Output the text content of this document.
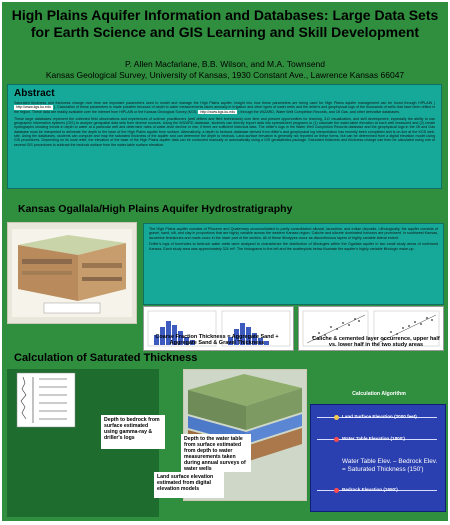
High Plains Aquifer Information and Databases: Large Data Sets for Earth Science and GIS Learning and Skill Development
P. Allen Macfarlane, B.B. Wilson, and M.A. Townsend
Kansas Geological Survey, University of Kansas, 1930 Constant Ave., Lawrence Kansas 66047
Abstract

Saturated thickness and thickness change over time are important parameters used to model and manage the High Plains aquifer. Insight into how these parameters are being used for High Plains aquifer management can be found through HIPLAIN ( http://www.kgs.ku.edu ). Calculation of these parameters is made possible because of depth to water measurements taken annually in irrigation and other types of water wells and the driller's and geophysical logs of the thousands of wells that have been drilled in the region. These data are readily available over the Internet from HIPLAIN or the Kansas Geological Survey (KGS, http://www.kgs.ku.edu ) through the WIZARD, Water Well Completion Records, and Oil Gas, and other derivative databases.

These large databases represent the collected field observations and experiences of science practitioners (well drillers and field technicians) over time and present opportunities for learning, 3-D visualization, and skill development, especially the ability to use geographic information systems (GIS) to analyze geospatial data sets from diverse sources. Using the WIZARD database, students can directly import data into spreadsheet programs to (1) calculate the water-table elevation at each well measured and (2) create hydrographs showing trends in depth to water at a particular well and determine rates of water-level decline or rise, if there are sufficient historical data. The driller's logs in the Water Well Completion Records database and the geophysical logs in the Oil and Gas database must be interpreted to delineate the depth to the base of the High Plains aquifer from surface. Alternatively, a depth to bedrock database derived from driller's and geophysical log interpretation has recently been completed and is on-line at the KGS web-site. Using the databases, students can compute and map the saturated thickness of the aquifer and can determine the depth to bedrock. Land-surface elevation is generally not reported on these forms, but can be determined from a digital elevation model using GIS procedures. Depending on its local relief, the elevation of the base of the High Plains aquifer data can be contoured manually or automatically using a GIS geostatistics package. Saturated thickness and thickness change can then be calculated using one of several GIS procedures to subtract the bedrock surface from the water-table surface elevation.

Kansas Ogallala/High Plains Aquifer Hydrostratigraphy

The High Plains aquifer consists of Pliocene and Quaternary unconsolidated to partly consolidated alluvial, lacustrine, and eolian deposits. Lithologically, the aquifer consists of gravel, sand, silt, and clay in proportions that are highly variable across the western Kansas region. Caliche and silcrete dominated horizons are prominent. In southwest Kansas, lacustrine limestones and marls occur in the lower part of the section. All of these lithotypes occur as discontinuous layers of highly variable lateral extent.

Driller's logs of boreholes to bedrock water wells were analyzed to characterize the distribution of lithologies within the Ogallala aquifer in two small study areas of northwest Kansas. Each study area was approximately 324 mi². The histograms to the left and the scatterplots below illustrate the aquifer's highly variable lithologic make-up.

Coarse Fraction Thickness = Aggregate Sand + Aggregate Sand & Gravel Thickness
Caliche & cemented layer occurrence, upper half vs. lower half in the two study areas
Calculation of Saturated Thickness
Depth to bedrock from surface estimated using gamma-ray & driller's logs	Depth to the water table from surface estimated from depth to water measurements taken during annual surveys of water wells
Land surface elevation estimated from digital elevation models
Calculation Algorithm
Land Surface Elevation (2000 feet)
Water Table Elevation (1800')
Water Table Elev. – Bedrock Elev. = Saturated Thickness (150')
Bedrock Elevation (1650')
